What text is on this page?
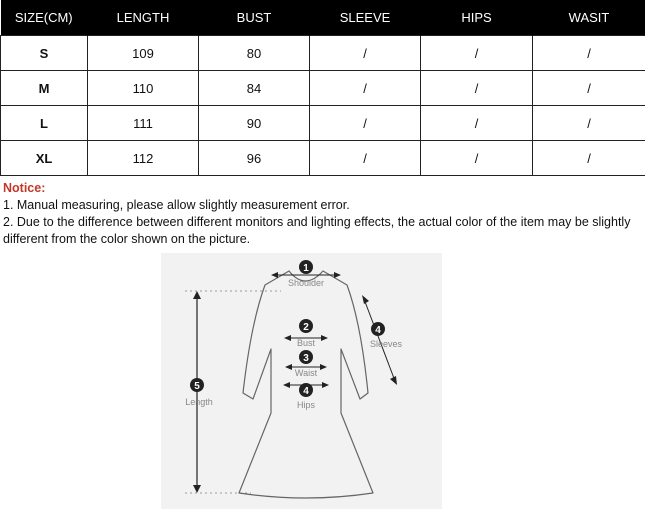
SIZE(CM)	LENGTH	BUST	SLEEVE	HIPS	WASIT
S	109	80	/	/	/
M	110	84	/	/	/
L	111	90	/	/	/
XL	112	96	/	/	/
Notice:
1. Manual measuring, please allow slightly measurement error.
2. Due to the difference between different monitors and lighting effects, the actual color of the item may be slightly different from the color shown on the picture.
5
Length
1
Shoulder
2
Bust
3
Waist
4
Hips
4
Sleeves
